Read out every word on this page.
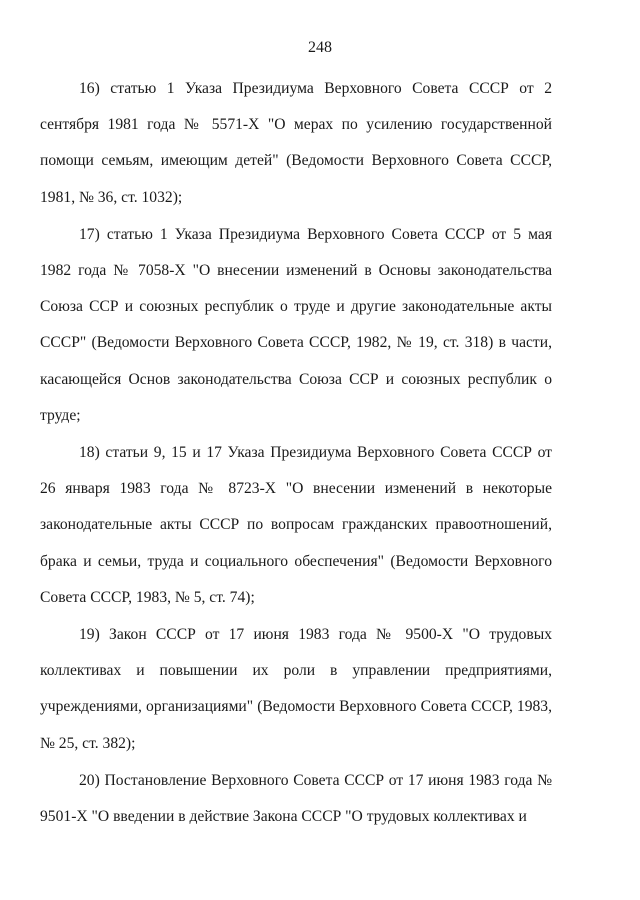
248

16) статью 1 Указа Президиума Верховного Совета СССР от 2 сентября 1981 года № 5571-X "О мерах по усилению государственной помощи семьям, имеющим детей" (Ведомости Верховного Совета СССР, 1981, № 36, ст. 1032);

17) статью 1 Указа Президиума Верховного Совета СССР от 5 мая 1982 года № 7058-X "О внесении изменений в Основы законодательства Союза ССР и союзных республик о труде и другие законодательные акты СССР" (Ведомости Верховного Совета СССР, 1982, № 19, ст. 318) в части, касающейся Основ законодательства Союза ССР и союзных республик о труде;

18) статьи 9, 15 и 17 Указа Президиума Верховного Совета СССР от 26 января 1983 года № 8723-X "О внесении изменений в некоторые законодательные акты СССР по вопросам гражданских правоотношений, брака и семьи, труда и социального обеспечения" (Ведомости Верховного Совета СССР, 1983, № 5, ст. 74);

19) Закон СССР от 17 июня 1983 года № 9500-X "О трудовых коллективах и повышении их роли в управлении предприятиями, учреждениями, организациями" (Ведомости Верховного Совета СССР, 1983, № 25, ст. 382);

20) Постановление Верховного Совета СССР от 17 июня 1983 года № 9501-X "О введении в действие Закона СССР "О трудовых коллективах и
